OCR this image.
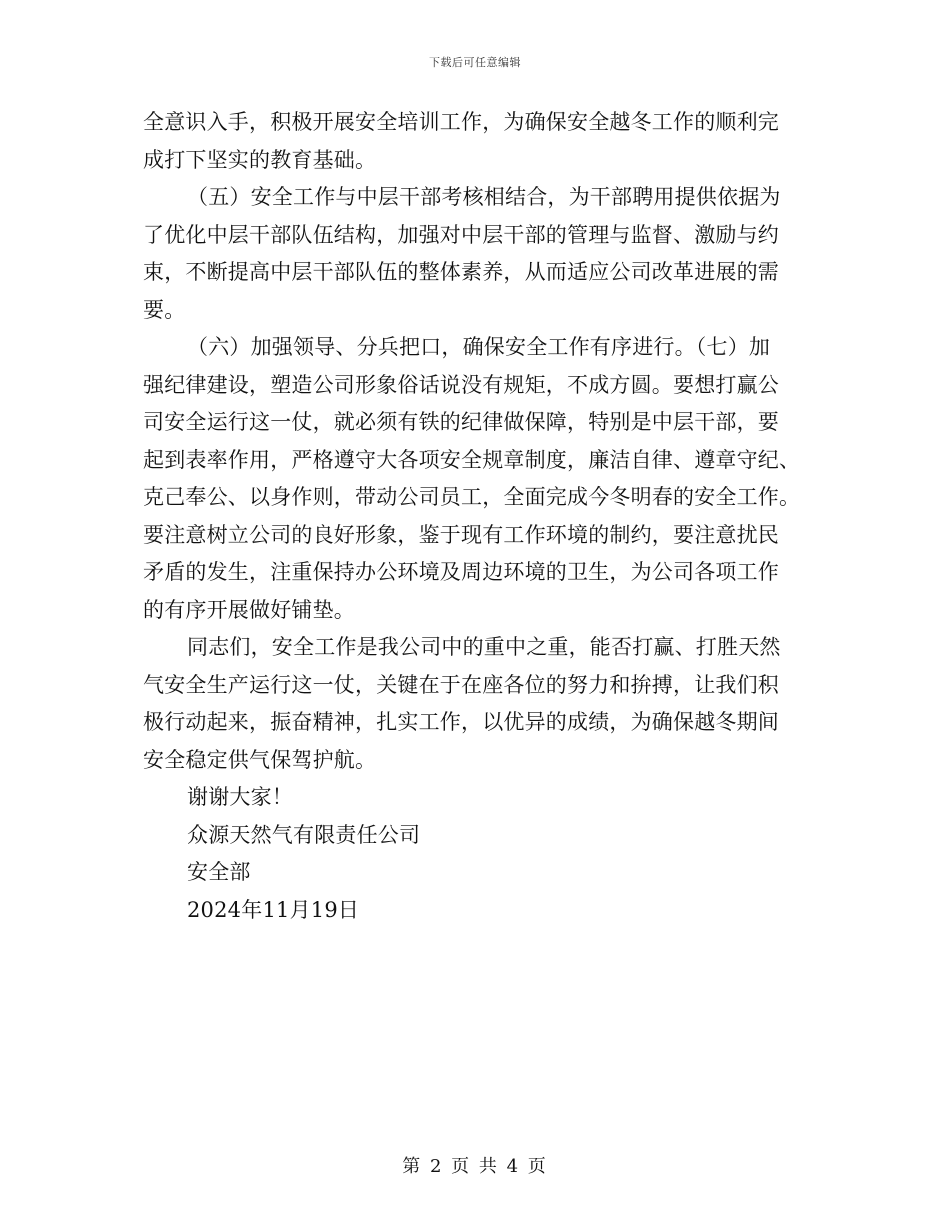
下载后可任意编辑
全意识入手，积极开展安全培训工作，为确保安全越冬工作的顺利完
成打下坚实的教育基础。
（五）安全工作与中层干部考核相结合，为干部聘用提供依据为
了优化中层干部队伍结构，加强对中层干部的管理与监督、激励与约
束，不断提高中层干部队伍的整体素养，从而适应公司改革进展的需
要。
（六）加强领导、分兵把口，确保安全工作有序进行。（七）加
强纪律建设，塑造公司形象俗话说没有规矩，不成方圆。要想打赢公
司安全运行这一仗，就必须有铁的纪律做保障，特别是中层干部，要
起到表率作用，严格遵守大各项安全规章制度，廉洁自律、遵章守纪、
克己奉公、以身作则，带动公司员工，全面完成今冬明春的安全工作。
要注意树立公司的良好形象，鉴于现有工作环境的制约，要注意扰民
矛盾的发生，注重保持办公环境及周边环境的卫生，为公司各项工作
的有序开展做好铺垫。
同志们，安全工作是我公司中的重中之重，能否打赢、打胜天然
气安全生产运行这一仗，关键在于在座各位的努力和拚搏，让我们积
极行动起来，振奋精神，扎实工作，以优异的成绩，为确保越冬期间
安全稳定供气保驾护航。
谢谢大家！
众源天然气有限责任公司
安全部
2024年11月19日
第 2 页 共 4 页
